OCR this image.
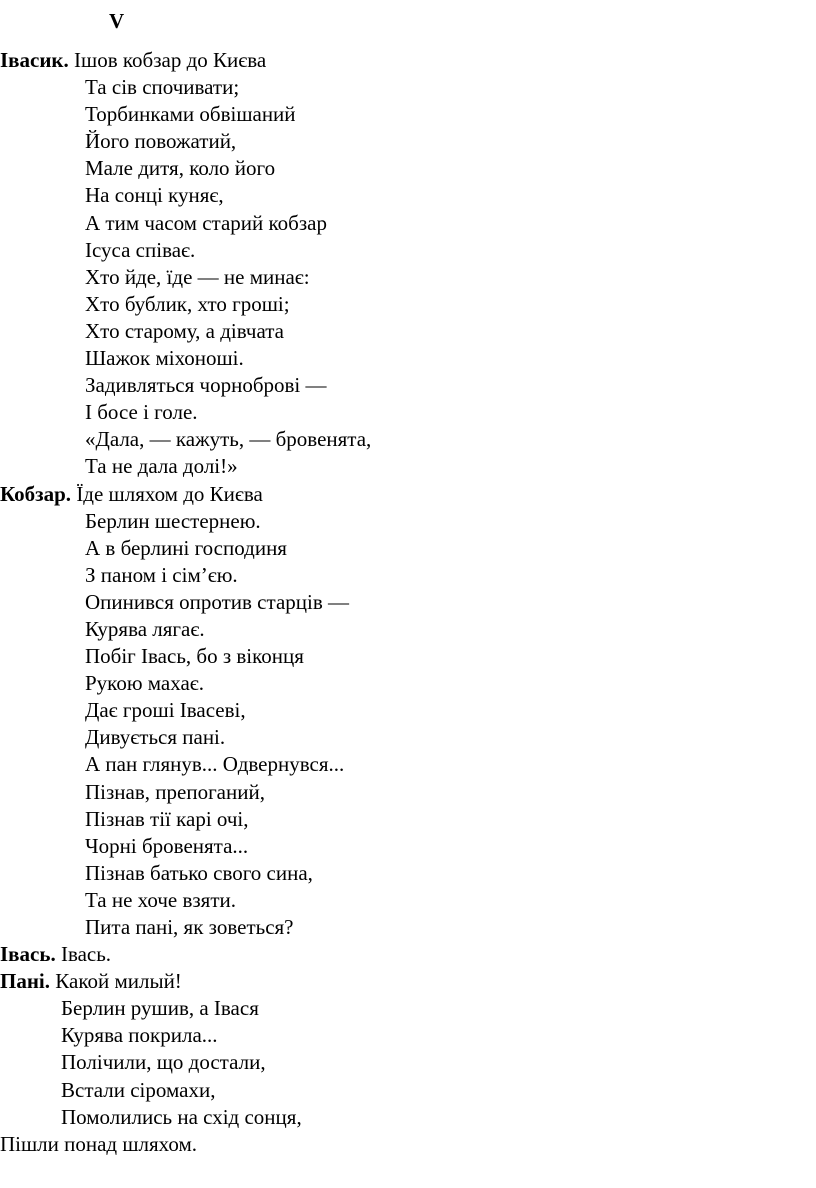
V
Івасик. Ішов кобзар до Києва
Та сів спочивати;
Торбинками обвішаний
Його повожатий,
Мале дитя, коло його
На сонці куняє,
А тим часом старий кобзар
Ісуса співає.
Хто йде, їде — не минає:
Хто бублик, хто гроші;
Хто старому, а дівчата
Шажок міхоноші.
Задивляться чорноброві —
І босе і голе.
«Дала, — кажуть, — бровенята,
Та не дала долі!»
Кобзар. Їде шляхом до Києва
Берлин шестернею.
А в берлині господиня
З паном і сім’єю.
Опинився опротив старців —
Курява лягає.
Побіг Івась, бо з віконця
Рукою махає.
Дає гроші Івасеві,
Дивується пані.
А пан глянув... Одвернувся...
Пізнав, препоганий,
Пізнав тії карі очі,
Чорні бровенята...
Пізнав батько свого сина,
Та не хоче взяти.
Пита пані, як зоветься?
Івась. Івась.
Пані. Какой милый!
Берлин рушив, а Івася
Курява покрила...
Полічили, що достали,
Встали сіромахи,
Помолились на схід сонця,
Пішли понад шляхом.
